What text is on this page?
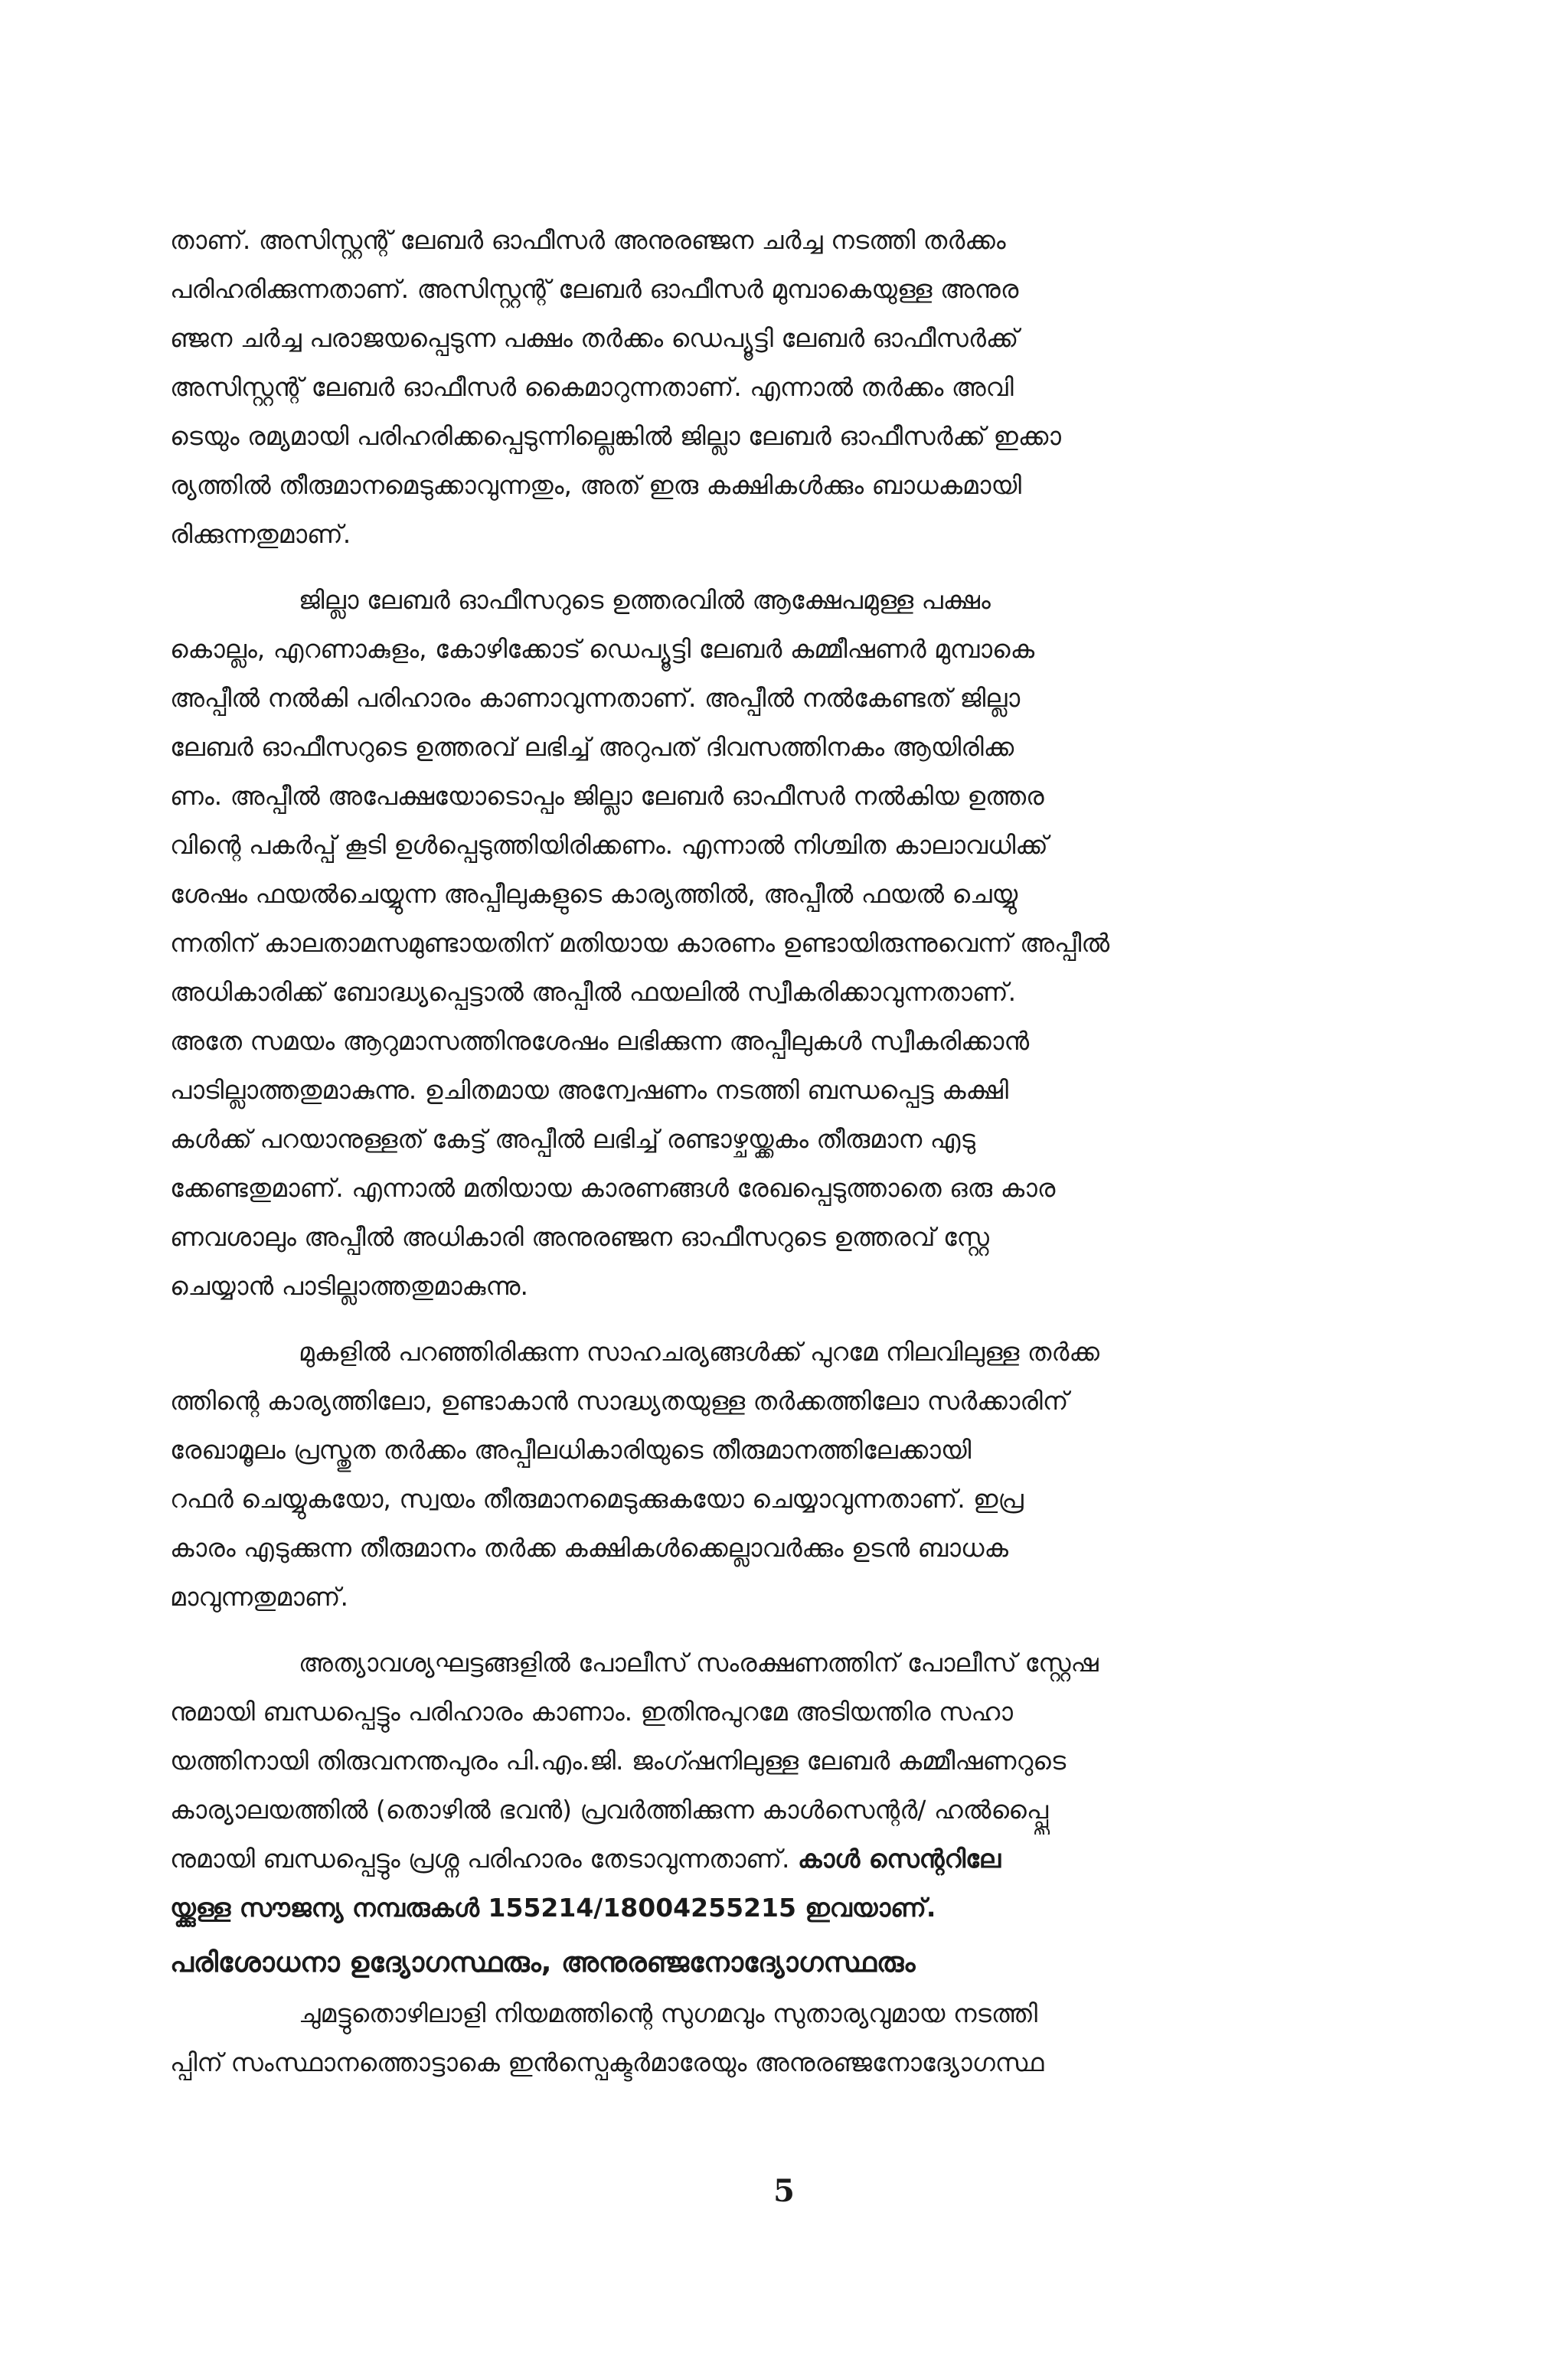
താണ്. അസിസ്റ്റന്റ് ലേബർ ഓഫീസർ അനുരഞ്ജന ചർച്ച നടത്തി തർക്കം
പരിഹരിക്കുന്നതാണ്. അസിസ്റ്റന്റ് ലേബർ ഓഫീസർ മുമ്പാകെയുള്ള അനുര
ഞ്ജന ചർച്ച പരാജയപ്പെടുന്ന പക്ഷം തർക്കം ഡെപ്യൂട്ടി ലേബർ ഓഫീസർക്ക്
അസിസ്റ്റന്റ് ലേബർ ഓഫീസർ കൈമാറുന്നതാണ്. എന്നാൽ തർക്കം അവി
ടെയും രമ്യമായി പരിഹരിക്കപ്പെടുന്നില്ലെങ്കിൽ ജില്ലാ ലേബർ ഓഫീസർക്ക് ഇക്കാ
ര്യത്തിൽ തീരുമാനമെടുക്കാവുന്നതും, അത് ഇരു കക്ഷികൾക്കും ബാധകമായി
രിക്കുന്നതുമാണ്.

ജില്ലാ ലേബർ ഓഫീസറുടെ ഉത്തരവിൽ ആക്ഷേപമുള്ള പക്ഷം
കൊല്ലം, എറണാകുളം, കോഴിക്കോട് ഡെപ്യൂട്ടി ലേബർ കമ്മീഷണർ മുമ്പാകെ
അപ്പീൽ നൽകി പരിഹാരം കാണാവുന്നതാണ്. അപ്പീൽ നൽകേണ്ടത് ജില്ലാ
ലേബർ ഓഫീസറുടെ ഉത്തരവ് ലഭിച്ച് അറുപത് ദിവസത്തിനകം ആയിരിക്ക
ണം. അപ്പീൽ അപേക്ഷയോടൊപ്പം ജില്ലാ ലേബർ ഓഫീസർ നൽകിയ ഉത്തര
വിന്റെ പകർപ്പ് കൂടി ഉൾപ്പെടുത്തിയിരിക്കണം. എന്നാൽ നിശ്ചിത കാലാവധിക്ക്
ശേഷം ഫയൽചെയ്യുന്ന അപ്പീലുകളുടെ കാര്യത്തിൽ, അപ്പീൽ ഫയൽ ചെയ്യു
ന്നതിന് കാലതാമസമുണ്ടായതിന് മതിയായ കാരണം ഉണ്ടായിരുന്നുവെന്ന് അപ്പീൽ
അധികാരിക്ക് ബോദ്ധ്യപ്പെട്ടാൽ അപ്പീൽ ഫയലിൽ സ്വീകരിക്കാവുന്നതാണ്.
അതേ സമയം ആറുമാസത്തിനുശേഷം ലഭിക്കുന്ന അപ്പീലുകൾ സ്വീകരിക്കാൻ
പാടില്ലാത്തതുമാകുന്നു. ഉചിതമായ അന്വേഷണം നടത്തി ബന്ധപ്പെട്ട കക്ഷി
കൾക്ക് പറയാനുള്ളത് കേട്ട് അപ്പീൽ ലഭിച്ച് രണ്ടാഴ്ചയ്ക്കകം തീരുമാന എടു
ക്കേണ്ടതുമാണ്. എന്നാൽ മതിയായ കാരണങ്ങൾ രേഖപ്പെടുത്താതെ ഒരു കാര
ണവശാലും അപ്പീൽ അധികാരി അനുരഞ്ജന ഓഫീസറുടെ ഉത്തരവ് സ്റ്റേ
ചെയ്യാൻ പാടില്ലാത്തതുമാകുന്നു.

മുകളിൽ പറഞ്ഞിരിക്കുന്ന സാഹചര്യങ്ങൾക്ക് പുറമേ നിലവിലുള്ള തർക്ക
ത്തിന്റെ കാര്യത്തിലോ, ഉണ്ടാകാൻ സാദ്ധ്യതയുള്ള തർക്കത്തിലോ സർക്കാരിന്
രേഖാമൂലം പ്രസ്തുത തർക്കം അപ്പീലധികാരിയുടെ തീരുമാനത്തിലേക്കായി
റഫർ ചെയ്യുകയോ, സ്വയം തീരുമാനമെടുക്കുകയോ ചെയ്യാവുന്നതാണ്. ഇപ്ര
കാരം എടുക്കുന്ന തീരുമാനം തർക്ക കക്ഷികൾക്കെല്ലാവർക്കും ഉടൻ ബാധക
മാവുന്നതുമാണ്.

അത്യാവശ്യഘട്ടങ്ങളിൽ പോലീസ് സംരക്ഷണത്തിന് പോലീസ് സ്റ്റേഷ
നുമായി ബന്ധപ്പെട്ടും പരിഹാരം കാണാം. ഇതിനുപുറമേ അടിയന്തിര സഹാ
യത്തിനായി തിരുവനന്തപുരം പി.എം.ജി. ജംഗ്ഷനിലുള്ള ലേബർ കമ്മീഷണറുടെ
കാര്യാലയത്തിൽ (തൊഴിൽ ഭവൻ) പ്രവർത്തിക്കുന്ന കാൾസെന്റർ/ ഹൽപ്പ്ലൈ
നുമായി ബന്ധപ്പെട്ടും പ്രശ്ന പരിഹാരം തേടാവുന്നതാണ്. കാൾ സെന്ററിലേ
യ്ക്കുള്ള സൗജന്യ നമ്പരുകൾ 155214/18004255215 ഇവയാണ്.

പരിശോധനാ ഉദ്യോഗസ്ഥരും, അനുരഞ്ജനോദ്യോഗസ്ഥരും

ചുമട്ടുതൊഴിലാളി നിയമത്തിന്റെ സുഗമവും സുതാര്യവുമായ നടത്തി
പ്പിന് സംസ്ഥാനത്തൊട്ടാകെ ഇൻസ്പെക്ടർമാരേയും അനുരഞ്ജനോദ്യോഗസ്ഥ

5
